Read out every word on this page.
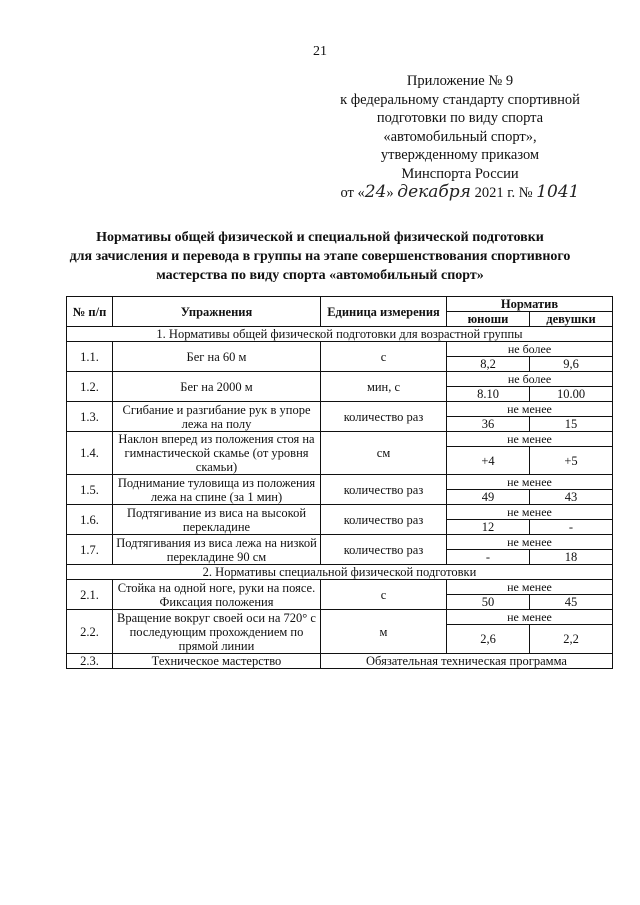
21
Приложение № 9
к федеральному стандарту спортивной
подготовки по виду спорта
«автомобильный спорт»,
утвержденному приказом
Минспорта России
от «24» декабря 2021 г. № 1041
Нормативы общей физической и специальной физической подготовки
для зачисления и перевода в группы на этапе совершенствования спортивного
мастерства по виду спорта «автомобильный спорт»
№ п/п	Упражнения	Единица измерения	Норматив	
			юноши	девушки
1. Нормативы общей физической подготовки для возрастной группы				
1.1.	Бег на 60 м	с	не более	
			8,2	9,6
1.2.	Бег на 2000 м	мин, с	не более	
			8.10	10.00
1.3.	Сгибание и разгибание рук в упоре лежа на полу	количество раз	не менее	
			36	15
1.4.	Наклон вперед из положения стоя на гимнастической скамье (от уровня скамьи)	см	не менее	
			+4	+5
1.5.	Поднимание туловища из положения лежа на спине (за 1 мин)	количество раз	не менее	
			49	43
1.6.	Подтягивание из виса на высокой перекладине	количество раз	не менее	
			12	-
1.7.	Подтягивания из виса лежа на низкой перекладине 90 см	количество раз	не менее	
			-	18
2. Нормативы специальной физической подготовки				
2.1.	Стойка на одной ноге, руки на поясе. Фиксация положения	с	не менее	
			50	45
2.2.	Вращение вокруг своей оси на 720° с последующим прохождением по прямой линии	м	не менее	
			2,6	2,2
2.3.	Техническое мастерство	Обязательная техническая программа		
